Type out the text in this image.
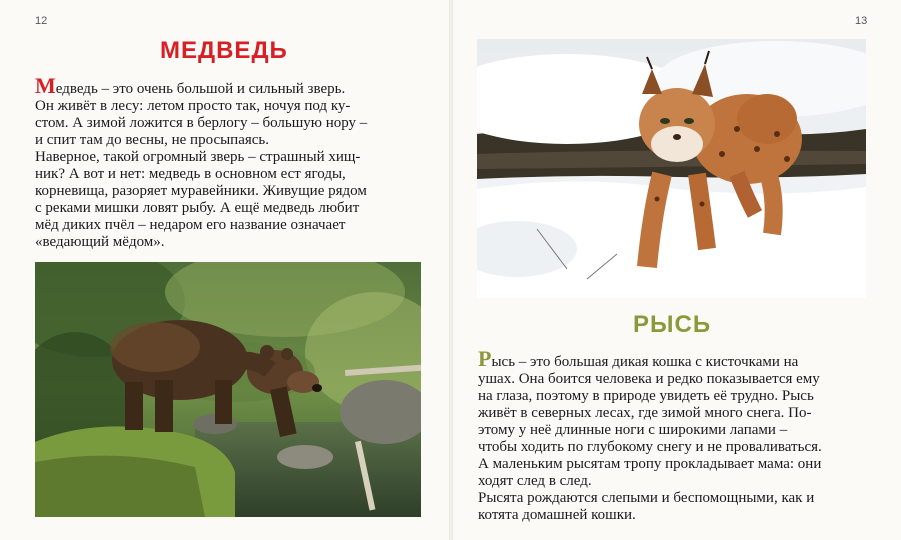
12	13
МЕДВЕДЬ
Медведь – это очень большой и сильный зверь.
Он живёт в лесу: летом просто так, ночуя под ку-
стом. А зимой ложится в берлогу – большую нору –
и спит там до весны, не просыпаясь.
Наверное, такой огромный зверь – страшный хищ-
ник? А вот и нет: медведь в основном ест ягоды,
корневища, разоряет муравейники. Живущие рядом
с реками мишки ловят рыбу. А ещё медведь любит
мёд диких пчёл – недаром его название означает
«ведающий мёдом».
РЫСЬ
Рысь – это большая дикая кошка с кисточками на
ушах. Она боится человека и редко показывается ему
на глаза, поэтому в природе увидеть её трудно. Рысь
живёт в северных лесах, где зимой много снега. По-
этому у неё длинные ноги с широкими лапами –
чтобы ходить по глубокому снегу и не проваливаться.
А маленьким рысятам тропу прокладывает мама: они
ходят след в след.
Рысята рождаются слепыми и беспомощными, как и
котята домашней кошки.
